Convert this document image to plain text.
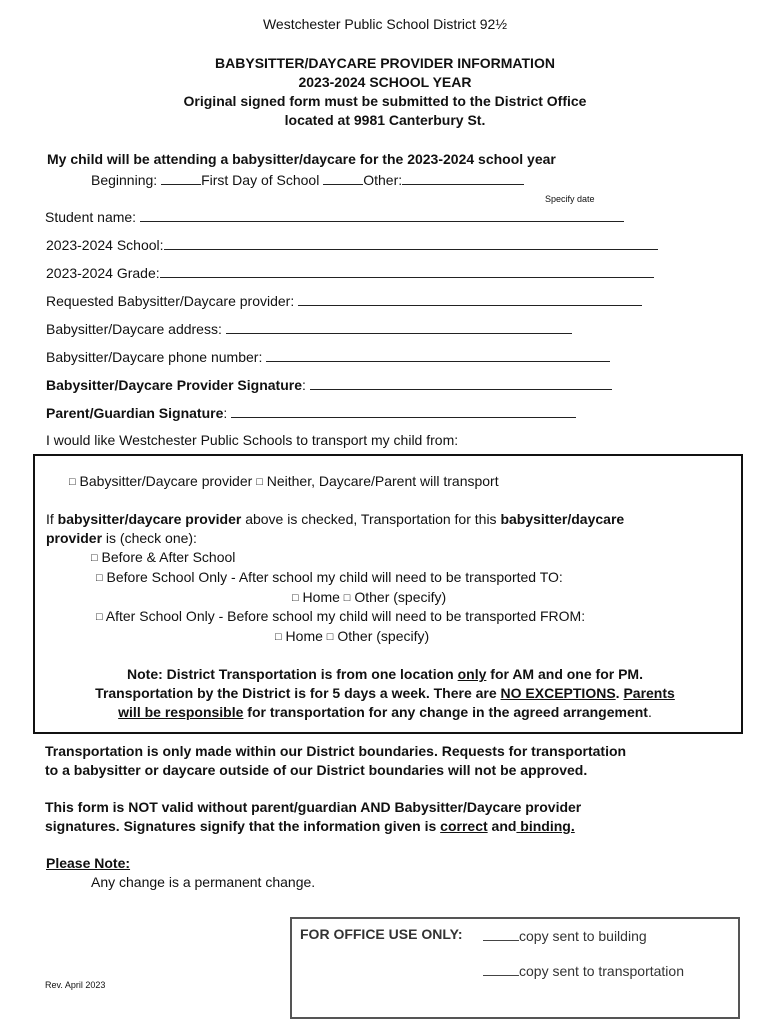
Westchester Public School District 92½
BABYSITTER/DAYCARE PROVIDER INFORMATION
2023-2024 SCHOOL YEAR
Original signed form must be submitted to the District Office
located at 9981 Canterbury St.
My child will be attending a babysitter/daycare for the 2023-2024 school year
Beginning:	First Day of School	Other:
Specify date
Student name:
2023-2024 School:
2023-2024 Grade:
Requested Babysitter/Daycare provider:
Babysitter/Daycare address:
Babysitter/Daycare phone number:
Babysitter/Daycare Provider Signature:
Parent/Guardian Signature:
I would like Westchester Public Schools to transport my child from:
□ Babysitter/Daycare provider □ Neither, Daycare/Parent will transport
If babysitter/daycare provider above is checked, Transportation for this babysitter/daycare
provider is (check one):
□ Before & After School
□ Before School Only - After school my child will need to be transported TO:
□ Home □ Other (specify)
□ After School Only - Before school my child will need to be transported FROM:
□ Home □ Other (specify)
Note: District Transportation is from one location only for AM and one for PM.
Transportation by the District is for 5 days a week. There are NO EXCEPTIONS. Parents
will be responsible for transportation for any change in the agreed arrangement.
Transportation is only made within our District boundaries. Requests for transportation
to a babysitter or daycare outside of our District boundaries will not be approved.
This form is NOT valid without parent/guardian AND Babysitter/Daycare provider
signatures. Signatures signify that the information given is correct and binding.
Please Note:
Any change is a permanent change.
FOR OFFICE USE ONLY:	copy sent to building
copy sent to transportation
Rev. April 2023
